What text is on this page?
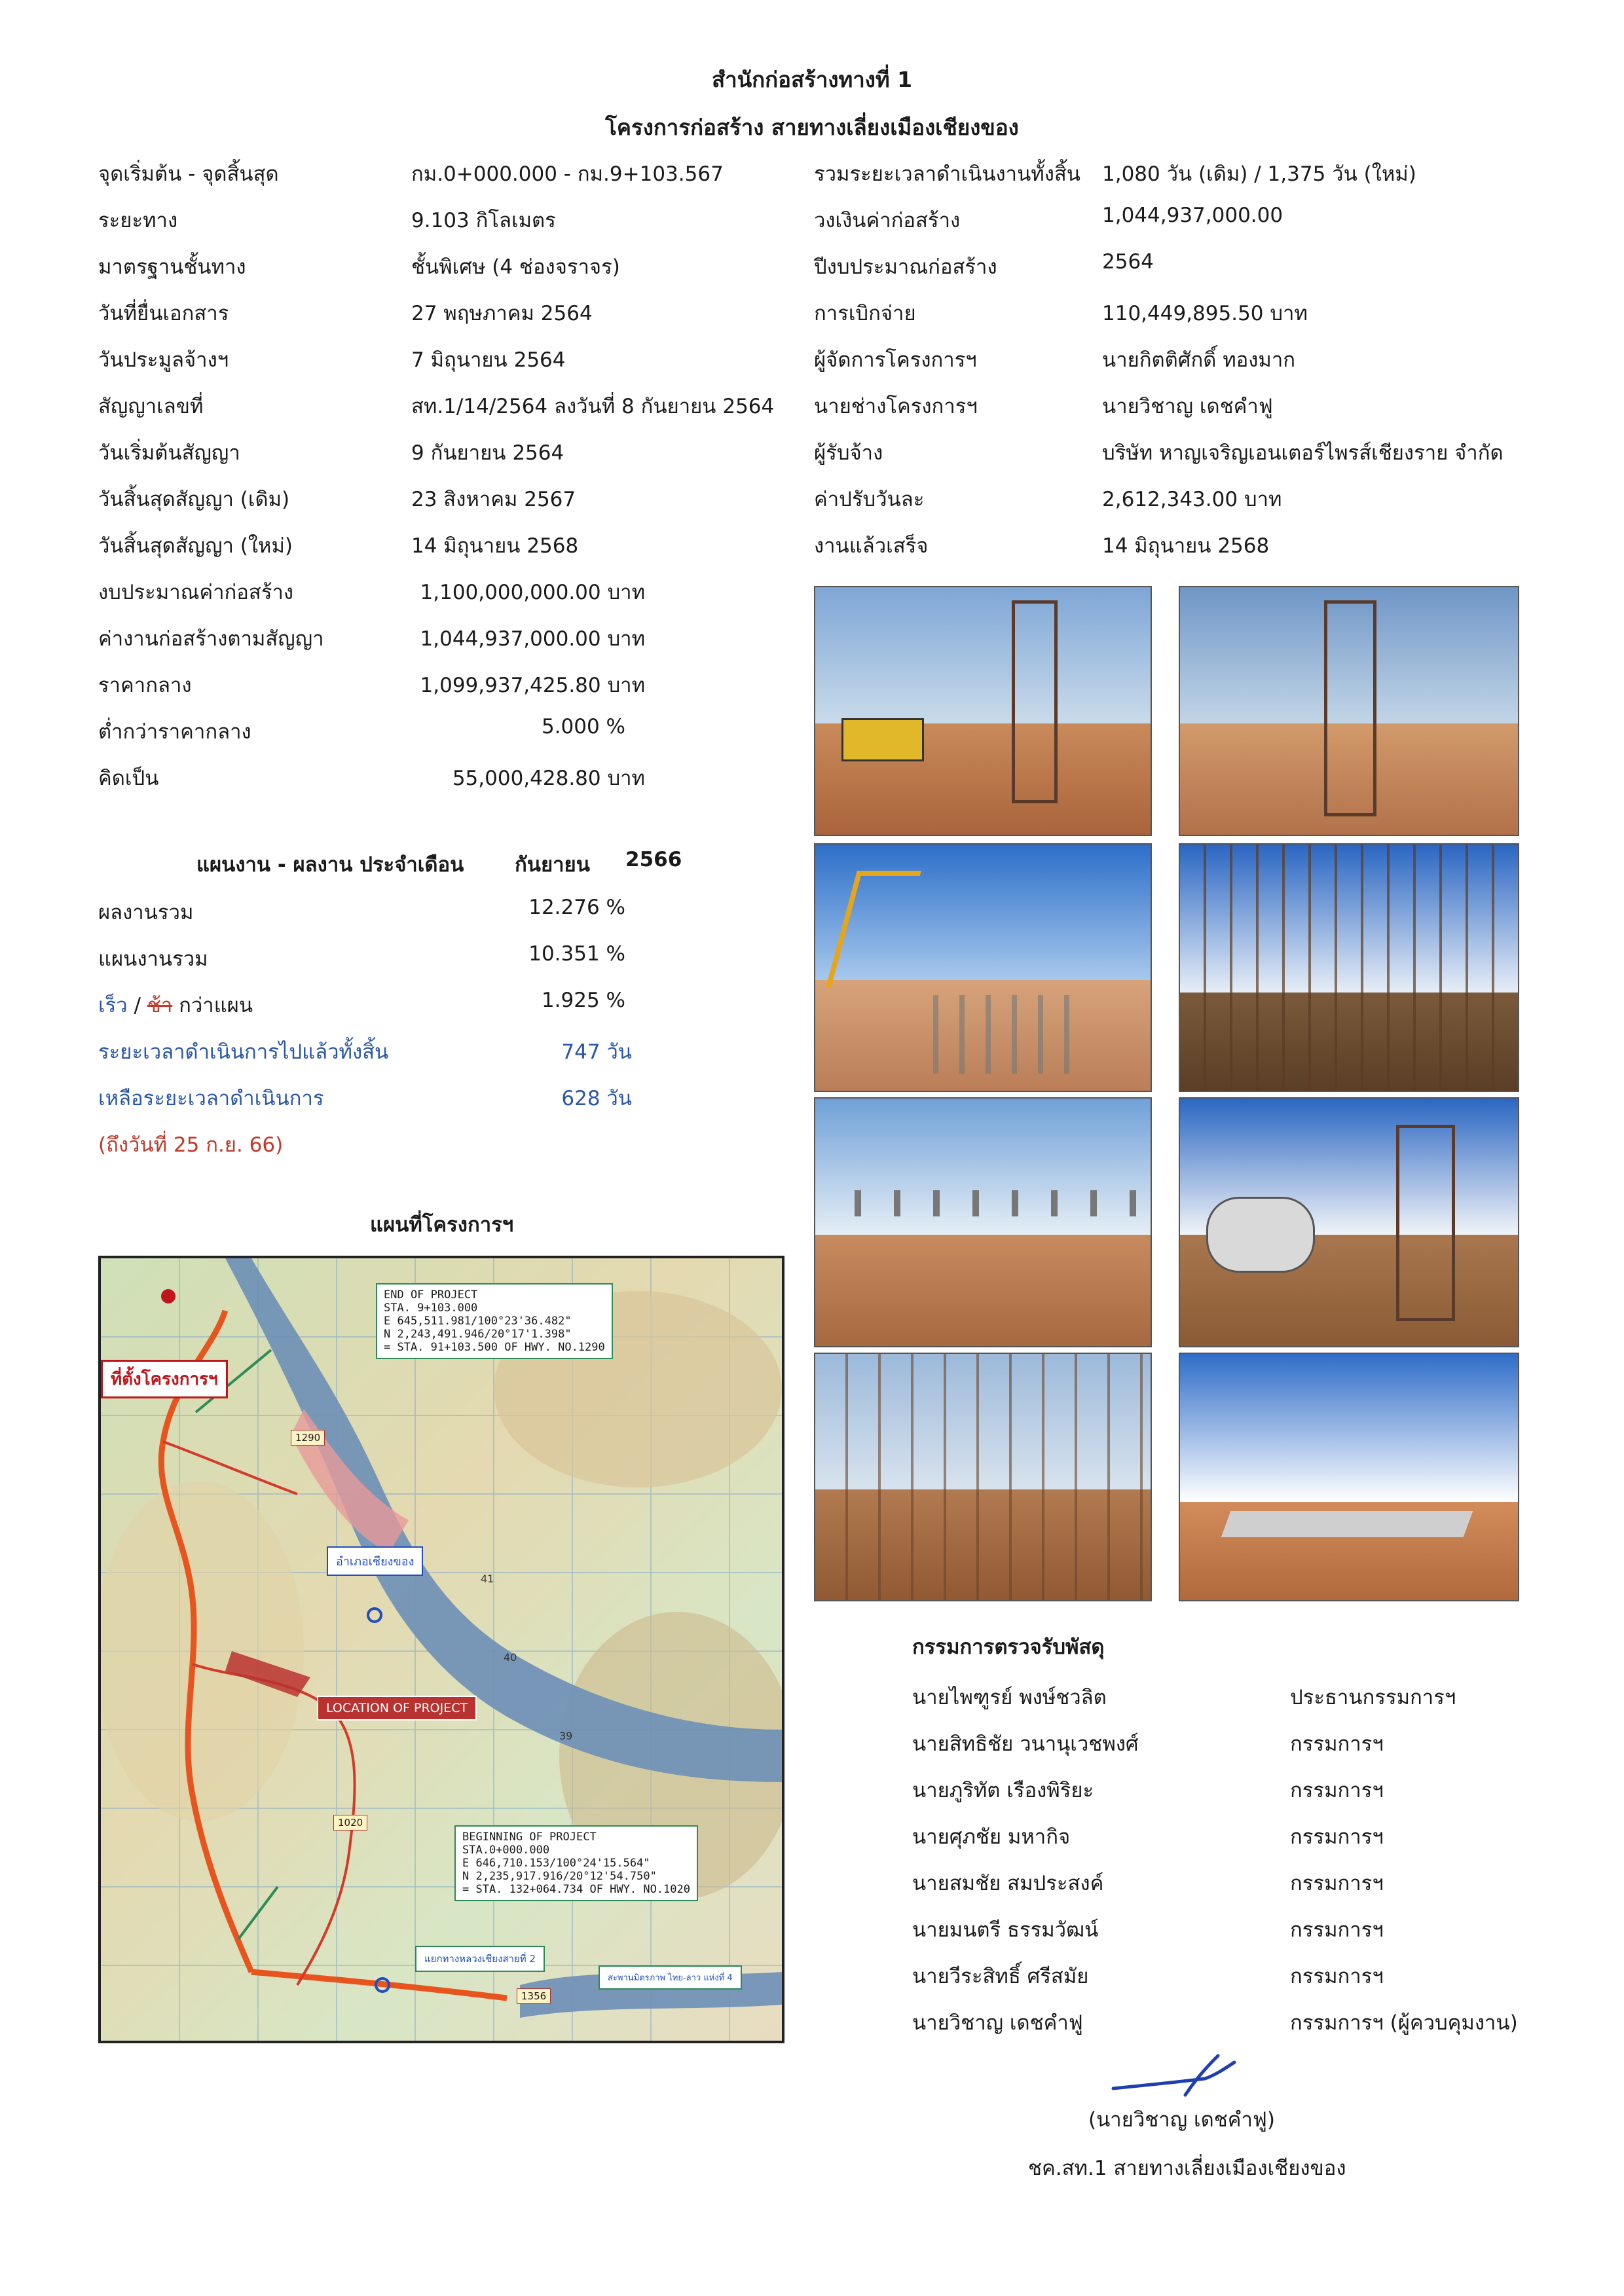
สำนักก่อสร้างทางที่ 1
โครงการก่อสร้าง สายทางเลี่ยงเมืองเชียงของ
จุดเริ่มต้น - จุดสิ้นสุด	กม.0+000.000 - กม.9+103.567
ระยะทาง	9.103 กิโลเมตร
มาตรฐานชั้นทาง	ชั้นพิเศษ (4 ช่องจราจร)
วันที่ยื่นเอกสาร	27 พฤษภาคม 2564
วันประมูลจ้างฯ	7 มิถุนายน 2564
สัญญาเลขที่	สท.1/14/2564 ลงวันที่ 8 กันยายน 2564
วันเริ่มต้นสัญญา	9 กันยายน 2564
วันสิ้นสุดสัญญา (เดิม)	23 สิงหาคม 2567
วันสิ้นสุดสัญญา (ใหม่)	14 มิถุนายน 2568
รวมระยะเวลาดำเนินงานทั้งสิ้น 1,080 วัน (เดิม) / 1,375 วัน (ใหม่)
วงเงินค่าก่อสร้าง	1,044,937,000.00
ปีงบประมาณก่อสร้าง	2564
การเบิกจ่าย	110,449,895.50 บาท
ผู้จัดการโครงการฯ	นายกิตติศักดิ์ ทองมาก
นายช่างโครงการฯ	นายวิชาญ เดชคำฟู
ผู้รับจ้าง	บริษัท หาญเจริญเอนเตอร์ไพรส์เชียงราย จำกัด
ค่าปรับวันละ	2,612,343.00 บาท
งานแล้วเสร็จ	14 มิถุนายน 2568
งบประมาณค่าก่อสร้าง	1,100,000,000.00 บาท
ค่างานก่อสร้างตามสัญญา	1,044,937,000.00 บาท
ราคากลาง	1,099,937,425.80 บาท
ต่ำกว่าราคากลาง	5.000 %
คิดเป็น	55,000,428.80 บาท
แผนงาน - ผลงาน ประจำเดือน	กันยายน 2566
ผลงานรวม	12.276 %
แผนงานรวม	10.351 %
เร็ว / ช้า กว่าแผน	1.925 %
ระยะเวลาดำเนินการไปแล้วทั้งสิ้น	747 วัน
เหลือระยะเวลาดำเนินการ	628 วัน
(ถึงวันที่ 25 ก.ย. 66)
แผนที่โครงการฯ
END OF PROJECT
STA. 9+103.000
E 645,511.981/100°23'36.482"
N 2,243,491.946/20°17'1.398"
= STA. 91+103.500 OF HWY. NO.1290
ที่ตั้งโครงการฯ
อำเภอเชียงของ
LOCATION OF PROJECT
BEGINNING OF PROJECT
STA.0+000.000
E 646,710.153/100°24'15.564"
N 2,235,917.916/20°12'54.750"
= STA. 132+064.734 OF HWY. NO.1020
แยกทางหลวงเชียงสายที่ 2
สะพานมิตรภาพ ไทย-ลาว แห่งที่ 4
1290
1020
1356
41
40
39
กรรมการตรวจรับพัสดุ
นายไพฑูรย์ พงษ์ชวลิต	ประธานกรรมการฯ
นายสิทธิชัย วนานุเวชพงศ์	กรรมการฯ
นายภูริทัต เรืองพิริยะ	กรรมการฯ
นายศุภชัย มหากิจ	กรรมการฯ
นายสมชัย สมประสงค์	กรรมการฯ
นายมนตรี ธรรมวัฒน์	กรรมการฯ
นายวีระสิทธิ์ ศรีสมัย	กรรมการฯ
นายวิชาญ เดชคำฟู	กรรมการฯ (ผู้ควบคุมงาน)
(นายวิชาญ เดชคำฟู)
ชค.สท.1 สายทางเลี่ยงเมืองเชียงของ
